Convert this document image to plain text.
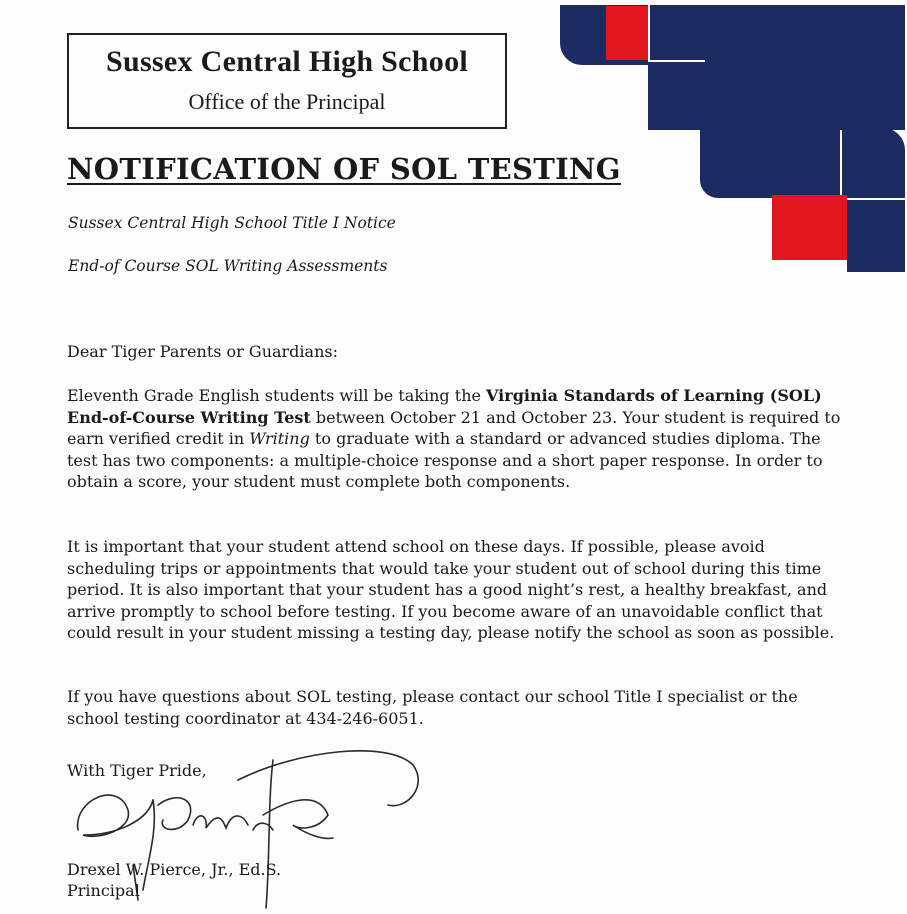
Sussex Central High School
Office of the Principal
NOTIFICATION OF SOL TESTING
Sussex Central High School Title I Notice
End-of Course SOL Writing Assessments
Dear Tiger Parents or Guardians:
Eleventh Grade English students will be taking the Virginia Standards of Learning (SOL) End-of-Course Writing Test between October 21 and October 23. Your student is required to earn verified credit in Writing to graduate with a standard or advanced studies diploma. The test has two components: a multiple-choice response and a short paper response. In order to obtain a score, your student must complete both components.
It is important that your student attend school on these days. If possible, please avoid scheduling trips or appointments that would take your student out of school during this time period. It is also important that your student has a good night’s rest, a healthy breakfast, and arrive promptly to school before testing. If you become aware of an unavoidable conflict that could result in your student missing a testing day, please notify the school as soon as possible.
If you have questions about SOL testing, please contact our school Title I specialist or the school testing coordinator at 434-246-6051.
With Tiger Pride,
Drexel W. Pierce, Jr., Ed.S.
Principal
